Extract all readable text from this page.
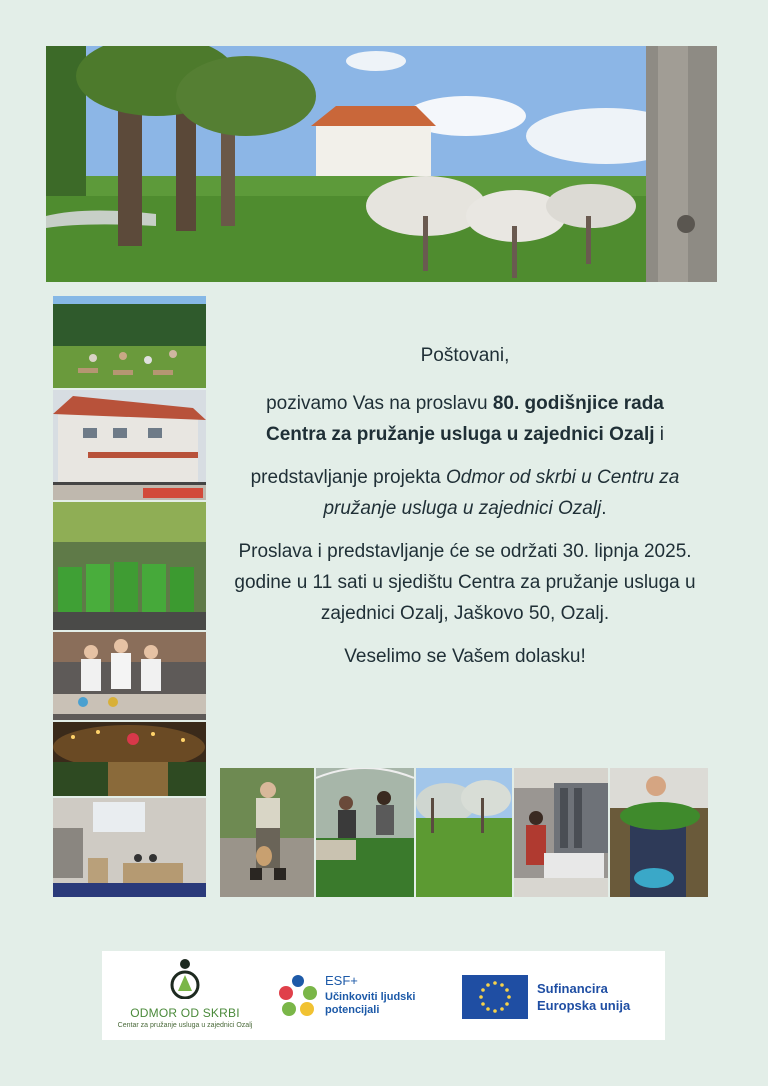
Poštovani,

pozivamo Vas na proslavu 80. godišnjice rada
Centra za pružanje usluga u zajednici Ozalj i

predstavljanje projekta Odmor od skrbi u Centru za pružanje usluga u zajednici Ozalj.

Proslava i predstavljanje će se održati 30. lipnja 2025. godine u 11 sati u sjedištu Centra za pružanje usluga u zajednici Ozalj, Jaškovo 50, Ozalj.

Veselimo se Vašem dolasku!

ODMOR OD SKRBI
Centar za pružanje usluga u zajednici Ozalj
ESF+
Učinkoviti ljudski
potencijali
Sufinancira
Europska unija
